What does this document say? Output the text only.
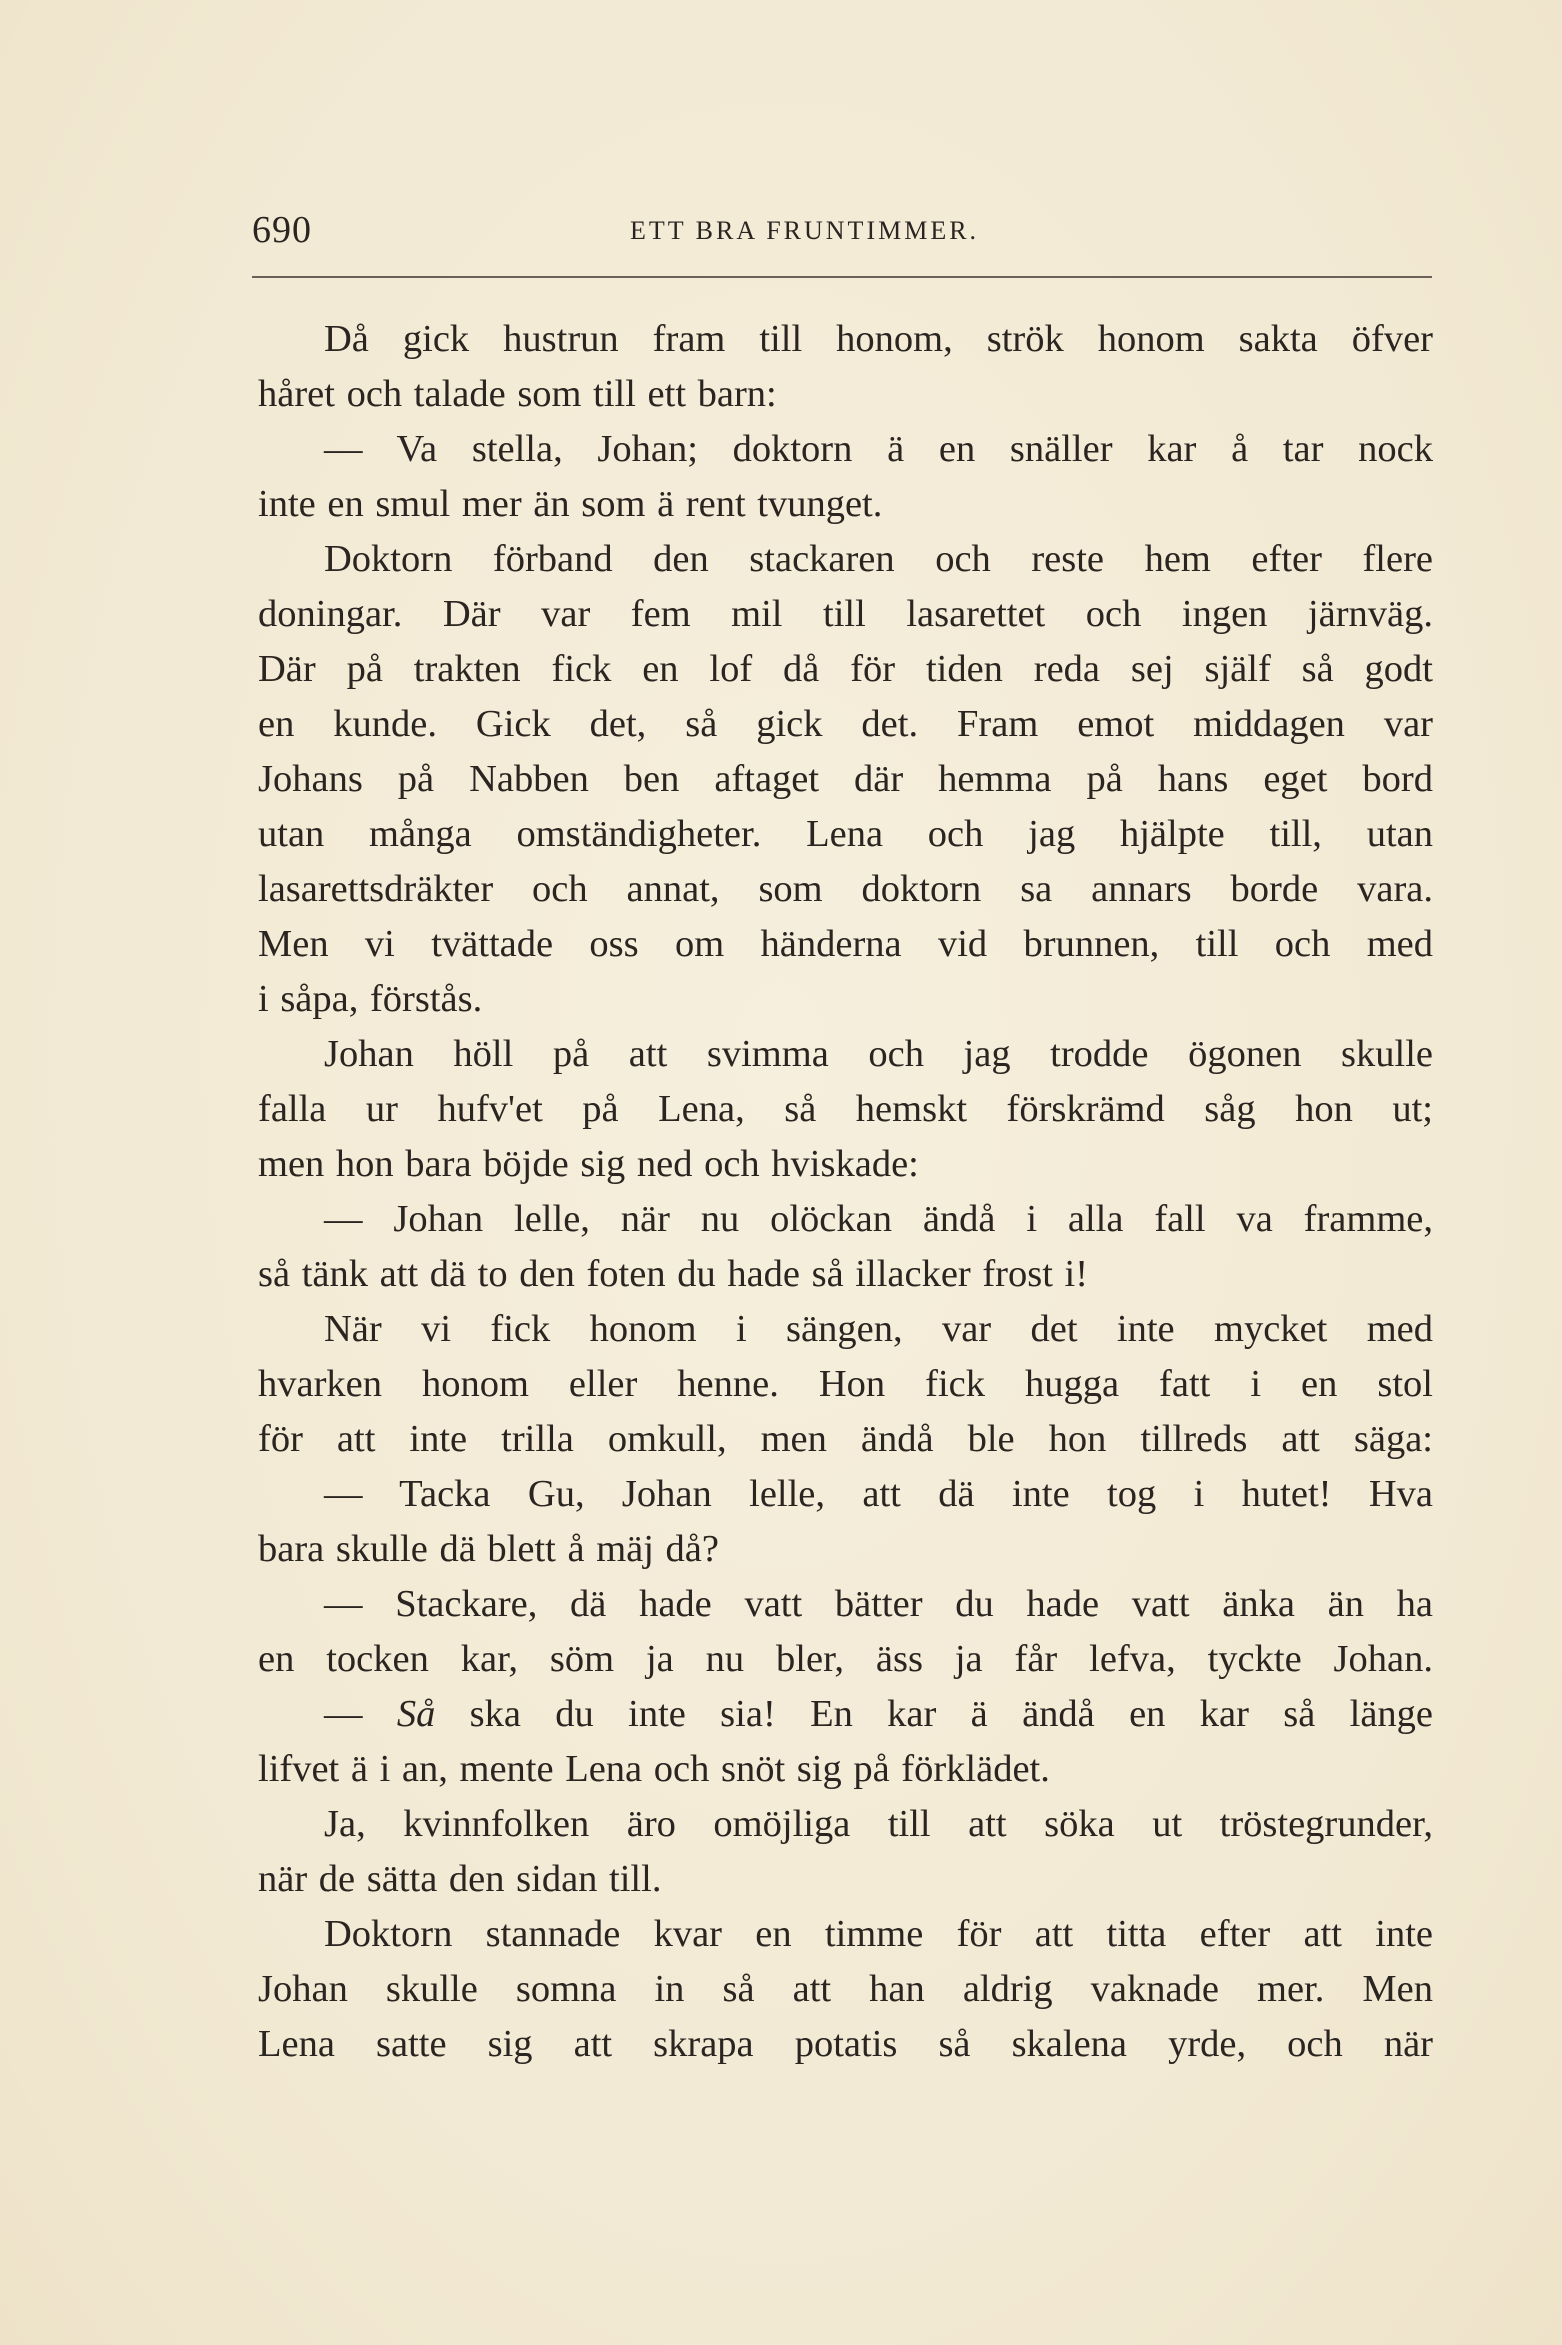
690	ETT BRA FRUNTIMMER.
Då gick hustrun fram till honom, strök honom sakta öfver
håret och talade som till ett barn:
— Va stella, Johan; doktorn ä en snäller kar å tar nock
inte en smul mer än som ä rent tvunget.
Doktorn förband den stackaren och reste hem efter flere
doningar. Där var fem mil till lasarettet och ingen järnväg.
Där på trakten fick en lof då för tiden reda sej själf så godt
en kunde. Gick det, så gick det. Fram emot middagen var
Johans på Nabben ben aftaget där hemma på hans eget bord
utan många omständigheter. Lena och jag hjälpte till, utan
lasarettsdräkter och annat, som doktorn sa annars borde vara.
Men vi tvättade oss om händerna vid brunnen, till och med
i såpa, förstås.
Johan höll på att svimma och jag trodde ögonen skulle
falla ur hufv'et på Lena, så hemskt förskrämd såg hon ut;
men hon bara böjde sig ned och hviskade:
— Johan lelle, när nu olöckan ändå i alla fall va framme,
så tänk att dä to den foten du hade så illacker frost i!
När vi fick honom i sängen, var det inte mycket med
hvarken honom eller henne. Hon fick hugga fatt i en stol
för att inte trilla omkull, men ändå ble hon tillreds att säga:
— Tacka Gu, Johan lelle, att dä inte tog i hutet! Hva
bara skulle dä blett å mäj då?
— Stackare, dä hade vatt bätter du hade vatt änka än ha
en tocken kar, söm ja nu bler, äss ja får lefva, tyckte Johan.
— Så ska du inte sia! En kar ä ändå en kar så länge
lifvet ä i an, mente Lena och snöt sig på förklädet.
Ja, kvinnfolken äro omöjliga till att söka ut tröstegrunder,
när de sätta den sidan till.
Doktorn stannade kvar en timme för att titta efter att inte
Johan skulle somna in så att han aldrig vaknade mer. Men
Lena satte sig att skrapa potatis så skalena yrde, och när
